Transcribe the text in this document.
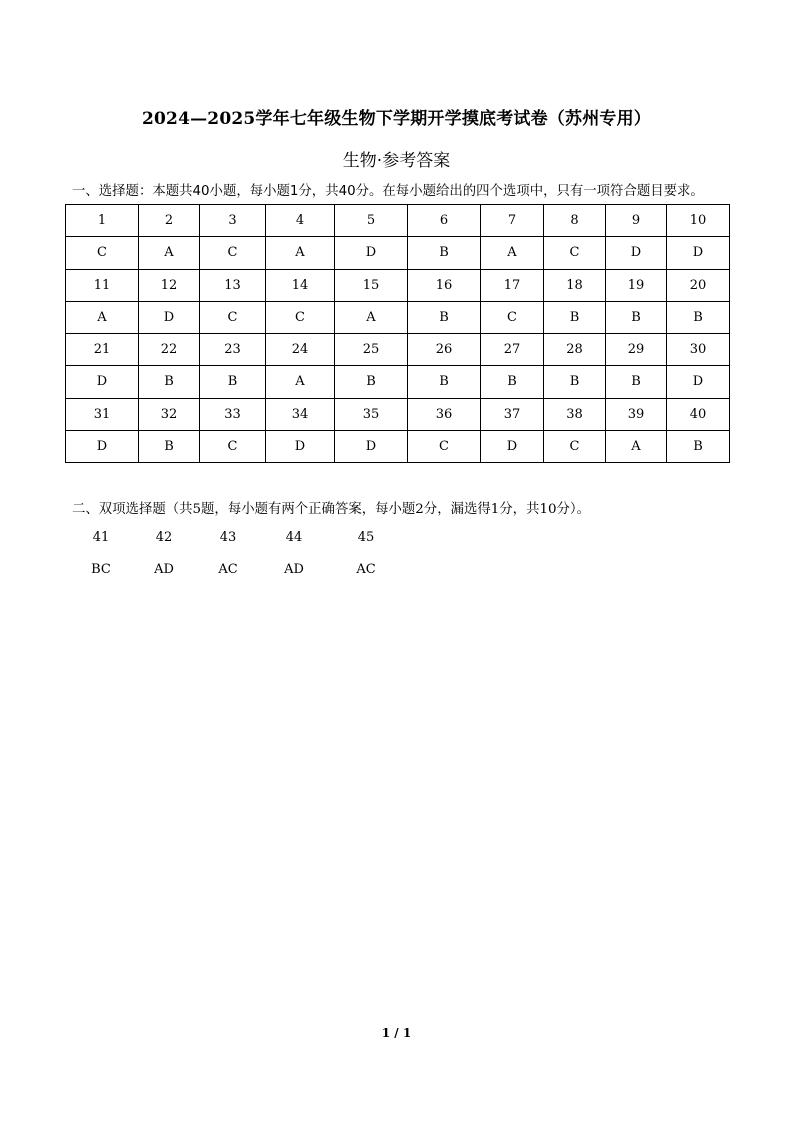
2024—2025学年七年级生物下学期开学摸底考试卷（苏州专用）
生物·参考答案
一、选择题：本题共40小题，每小题1分，共40分。在每小题给出的四个选项中，只有一项符合题目要求。
1	2	3	4	5	6	7	8	9	10
C	A	C	A	D	B	A	C	D	D
11	12	13	14	15	16	17	18	19	20
A	D	C	C	A	B	C	B	B	B
21	22	23	24	25	26	27	28	29	30
D	B	B	A	B	B	B	B	B	D
31	32	33	34	35	36	37	38	39	40
D	B	C	D	D	C	D	C	A	B
二、双项选择题（共5题，每小题有两个正确答案，每小题2分，漏选得1分，共10分）。
41	42	43	44	45
BC	AD	AC	AD	AC
1 / 1
